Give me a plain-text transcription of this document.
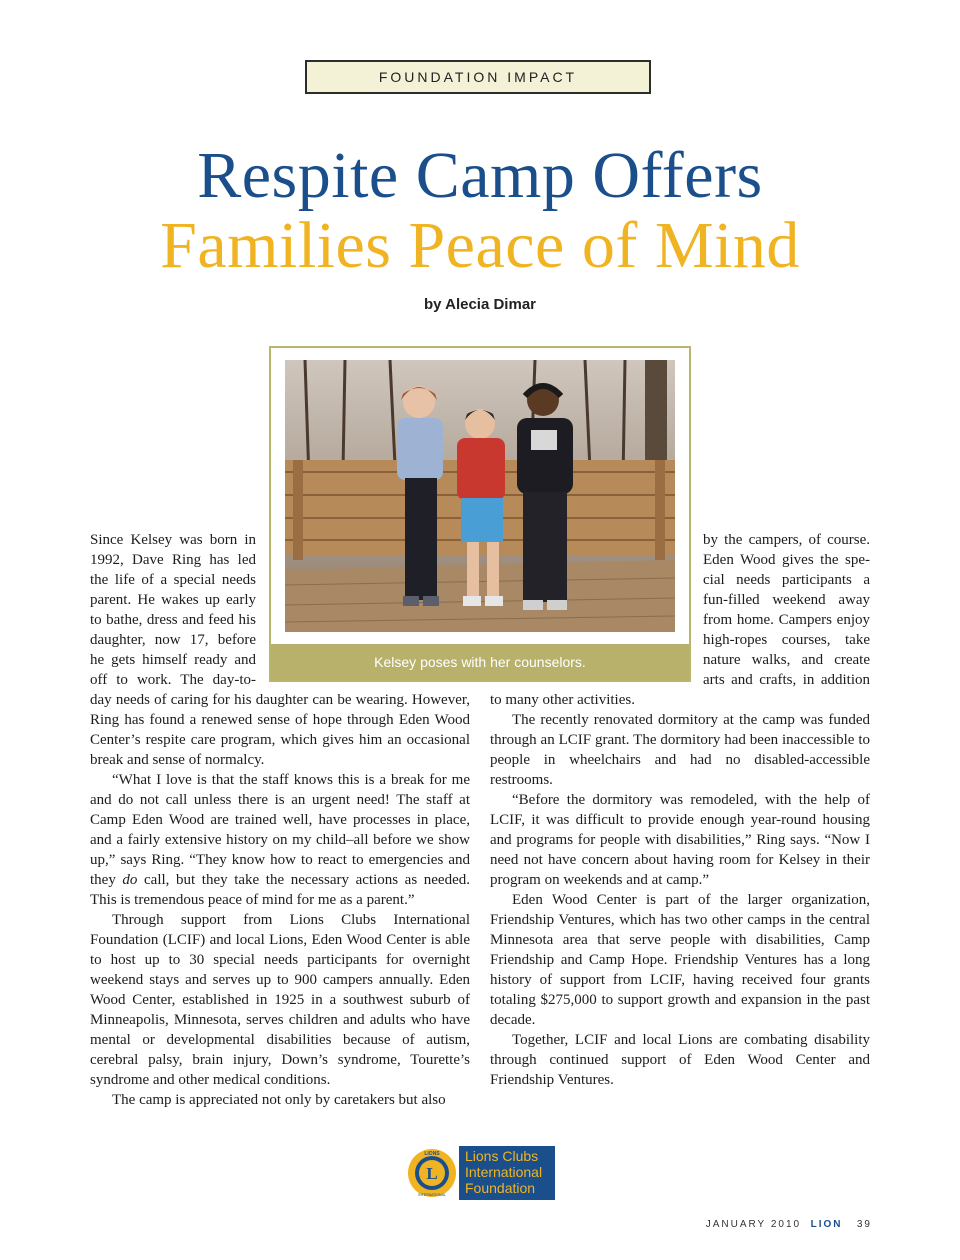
FOUNDATION IMPACT
Respite Camp Offers
Families Peace of Mind
by Alecia Dimar
Kelsey poses with her counselors.
Since Kelsey was born in
1992, Dave Ring has led
the life of a special needs
parent. He wakes up early
to bathe, dress and feed his
daughter, now 17, before
he gets himself ready and
off to work. The day-to-

day needs of caring for his daughter can be wearing. However, Ring has found a renewed sense of hope through Eden Wood Center’s respite care program, which gives him an occasional break and sense of normalcy.

“What I love is that the staff knows this is a break for me and do not call unless there is an urgent need! The staff at Camp Eden Wood are trained well, have processes in place, and a fairly extensive history on my child–all before we show up,” says Ring. “They know how to react to emergencies and they do call, but they take the necessary actions as needed. This is tremendous peace of mind for me as a parent.”

Through support from Lions Clubs International Foundation (LCIF) and local Lions, Eden Wood Center is able to host up to 30 special needs participants for overnight weekend stays and serves up to 900 campers annually. Eden Wood Center, established in 1925 in a southwest suburb of Minneapolis, Minnesota, serves children and adults who have mental or developmental disabilities because of autism, cerebral palsy, brain injury, Down’s syndrome, Tourette’s syndrome and other medical conditions.

The camp is appreciated not only by caretakers but also

by the campers, of course.
Eden Wood gives the spe-
cial needs participants a
fun-filled weekend away
from home. Campers enjoy
high-ropes courses, take
nature walks, and create
arts and crafts, in addition

to many other activities.

The recently renovated dormitory at the camp was funded through an LCIF grant. The dormitory had been inaccessible to people in wheelchairs and had no disabled-accessible restrooms.

“Before the dormitory was remodeled, with the help of LCIF, it was difficult to provide enough year-round housing and programs for people with disabilities,” Ring says. “Now I need not have concern about having room for Kelsey in their program on weekends and at camp.”

Eden Wood Center is part of the larger organization, Friendship Ventures, which has two other camps in the central Minnesota area that serve people with disabilities, Camp Friendship and Camp Hope. Friendship Ventures has a long history of support from LCIF, having received four grants totaling $275,000 to support growth and expansion in the past decade.

Together, LCIF and local Lions are combating disability through continued support of Eden Wood Center and Friendship Ventures.

L
LIONS
INTERNATIONAL
Lions Clubs
International
Foundation
JANUARY 2010 LION 39
